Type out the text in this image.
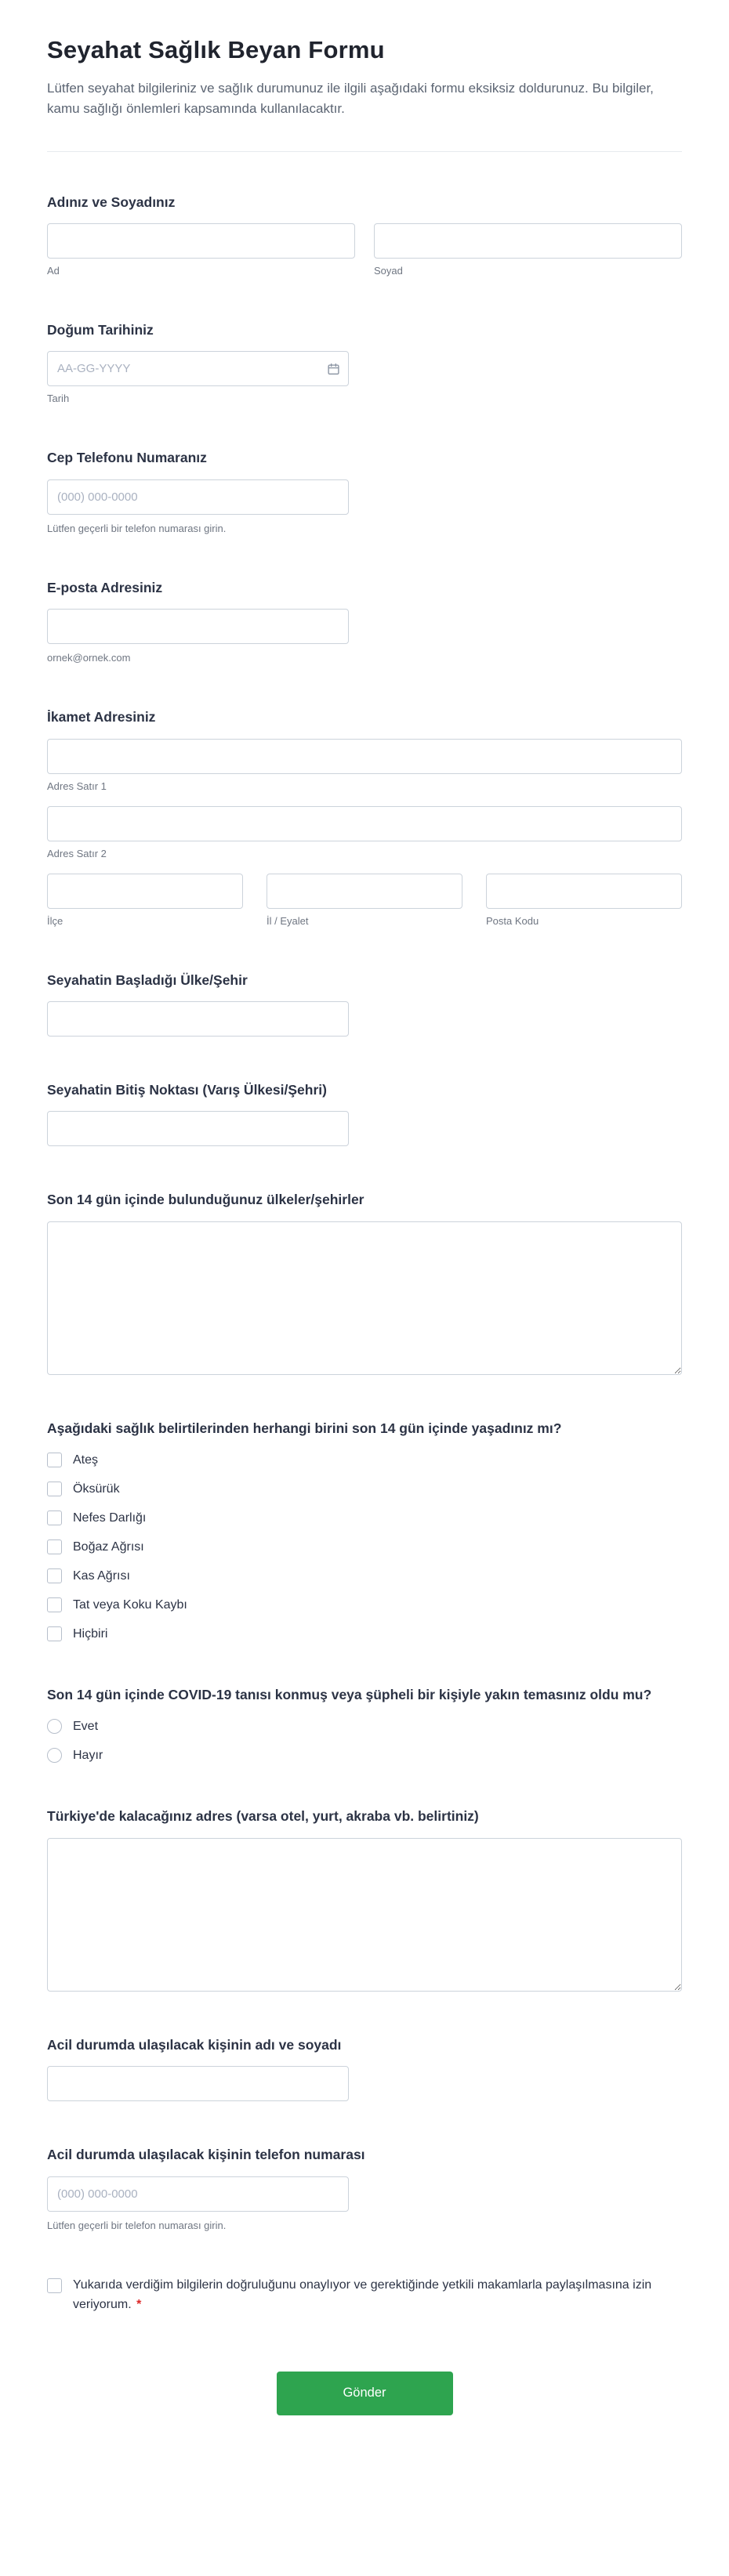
Seyahat Sağlık Beyan Formu

Lütfen seyahat bilgileriniz ve sağlık durumunuz ile ilgili aşağıdaki formu eksiksiz doldurunuz. Bu bilgiler, kamu sağlığı önlemleri kapsamında kullanılacaktır.

Adınız ve Soyadınız
Ad	Soyad
Doğum Tarihiniz
AA-GG-YYYY
Tarih
Cep Telefonu Numaranız
(000) 000-0000
Lütfen geçerli bir telefon numarası girin.
E-posta Adresiniz
ornek@ornek.com
İkamet Adresiniz
Adres Satır 1
Adres Satır 2
İlçe	İl / Eyalet	Posta Kodu
Seyahatin Başladığı Ülke/Şehir
Seyahatin Bitiş Noktası (Varış Ülkesi/Şehri)
Son 14 gün içinde bulunduğunuz ülkeler/şehirler
Aşağıdaki sağlık belirtilerinden herhangi birini son 14 gün içinde yaşadınız mı?
Ateş
Öksürük
Nefes Darlığı
Boğaz Ağrısı
Kas Ağrısı
Tat veya Koku Kaybı
Hiçbiri
Son 14 gün içinde COVID-19 tanısı konmuş veya şüpheli bir kişiyle yakın temasınız oldu mu?
Evet
Hayır
Türkiye'de kalacağınız adres (varsa otel, yurt, akraba vb. belirtiniz)
Acil durumda ulaşılacak kişinin adı ve soyadı
Acil durumda ulaşılacak kişinin telefon numarası
(000) 000-0000
Lütfen geçerli bir telefon numarası girin.
Yukarıda verdiğim bilgilerin doğruluğunu onaylıyor ve gerektiğinde yetkili makamlarla paylaşılmasına izin veriyorum. *
Gönder
